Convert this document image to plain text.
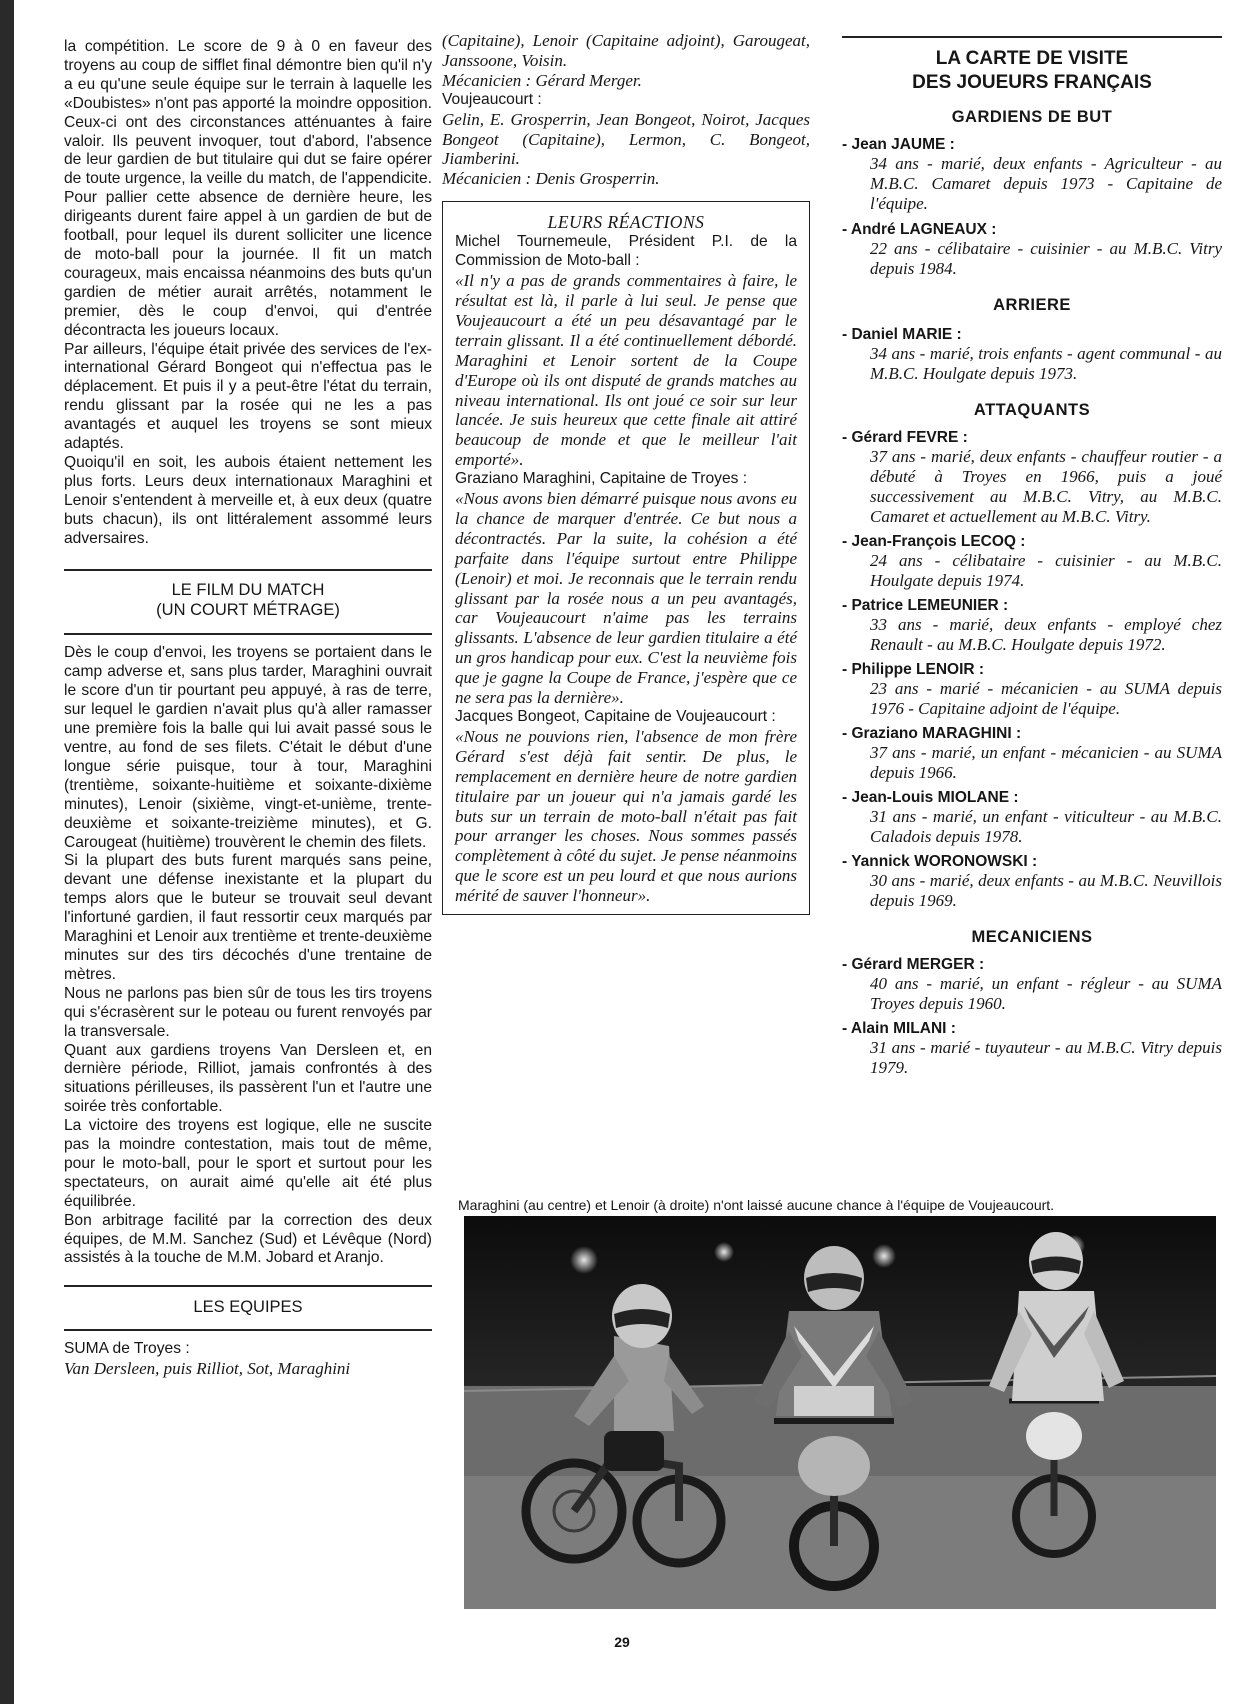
la compétition. Le score de 9 à 0 en faveur des troyens au coup de sifflet final démontre bien qu'il n'y a eu qu'une seule équipe sur le terrain à laquelle les «Doubistes» n'ont pas apporté la moindre opposition. Ceux-ci ont des circonstances atténuantes à faire valoir. Ils peuvent invoquer, tout d'abord, l'absence de leur gardien de but titulaire qui dut se faire opérer de toute urgence, la veille du match, de l'appendicite. Pour pallier cette absence de dernière heure, les dirigeants durent faire appel à un gardien de but de football, pour lequel ils durent solliciter une licence de moto-ball pour la journée. Il fit un match courageux, mais encaissa néanmoins des buts qu'un gardien de métier aurait arrêtés, notamment le premier, dès le coup d'envoi, qui d'entrée décontracta les joueurs locaux.

Par ailleurs, l'équipe était privée des services de l'ex-international Gérard Bongeot qui n'effectua pas le déplacement. Et puis il y a peut-être l'état du terrain, rendu glissant par la rosée qui ne les a pas avantagés et auquel les troyens se sont mieux adaptés.

Quoiqu'il en soit, les aubois étaient nettement les plus forts. Leurs deux internationaux Maraghini et Lenoir s'entendent à merveille et, à eux deux (quatre buts chacun), ils ont littéralement assommé leurs adversaires.

LE FILM DU MATCH
(UN COURT MÉTRAGE)

Dès le coup d'envoi, les troyens se portaient dans le camp adverse et, sans plus tarder, Maraghini ouvrait le score d'un tir pourtant peu appuyé, à ras de terre, sur lequel le gardien n'avait plus qu'à aller ramasser une première fois la balle qui lui avait passé sous le ventre, au fond de ses filets. C'était le début d'une longue série puisque, tour à tour, Maraghini (trentième, soixante-huitième et soixante-dixième minutes), Lenoir (sixième, vingt-et-unième, trente-deuxième et soixante-treizième minutes), et G. Carougeat (huitième) trouvèrent le chemin des filets.

Si la plupart des buts furent marqués sans peine, devant une défense inexistante et la plupart du temps alors que le buteur se trouvait seul devant l'infortuné gardien, il faut ressortir ceux marqués par Maraghini et Lenoir aux trentième et trente-deuxième minutes sur des tirs décochés d'une trentaine de mètres.

Nous ne parlons pas bien sûr de tous les tirs troyens qui s'écrasèrent sur le poteau ou furent renvoyés par la transversale.

Quant aux gardiens troyens Van Dersleen et, en dernière période, Rilliot, jamais confrontés à des situations périlleuses, ils passèrent l'un et l'autre une soirée très confortable.

La victoire des troyens est logique, elle ne suscite pas la moindre contestation, mais tout de même, pour le moto-ball, pour le sport et surtout pour les spectateurs, on aurait aimé qu'elle ait été plus équilibrée.

Bon arbitrage facilité par la correction des deux équipes, de M.M. Sanchez (Sud) et Lévêque (Nord) assistés à la touche de M.M. Jobard et Aranjo.

LES EQUIPES

SUMA de Troyes :

Van Dersleen, puis Rilliot, Sot, Maraghini

(Capitaine), Lenoir (Capitaine adjoint), Garougeat, Janssoone, Voisin.

Mécanicien : Gérard Merger.

Voujeaucourt :

Gelin, E. Grosperrin, Jean Bongeot, Noirot, Jacques Bongeot (Capitaine), Lermon, C. Bongeot, Jiamberini.

Mécanicien : Denis Grosperrin.

LEURS RÉACTIONS

Michel Tournemeule, Président P.I. de la Commission de Moto-ball :

«Il n'y a pas de grands commentaires à faire, le résultat est là, il parle à lui seul. Je pense que Voujeaucourt a été un peu désavantagé par le terrain glissant. Il a été continuellement débordé. Maraghini et Lenoir sortent de la Coupe d'Europe où ils ont disputé de grands matches au niveau international. Ils ont joué ce soir sur leur lancée. Je suis heureux que cette finale ait attiré beaucoup de monde et que le meilleur l'ait emporté».

Graziano Maraghini, Capitaine de Troyes :

«Nous avons bien démarré puisque nous avons eu la chance de marquer d'entrée. Ce but nous a décontractés. Par la suite, la cohésion a été parfaite dans l'équipe surtout entre Philippe (Lenoir) et moi. Je reconnais que le terrain rendu glissant par la rosée nous a un peu avantagés, car Voujeaucourt n'aime pas les terrains glissants. L'absence de leur gardien titulaire a été un gros handicap pour eux. C'est la neuvième fois que je gagne la Coupe de France, j'espère que ce ne sera pas la dernière».

Jacques Bongeot, Capitaine de Voujeaucourt :

«Nous ne pouvions rien, l'absence de mon frère Gérard s'est déjà fait sentir. De plus, le remplacement en dernière heure de notre gardien titulaire par un joueur qui n'a jamais gardé les buts sur un terrain de moto-ball n'était pas fait pour arranger les choses. Nous sommes passés complètement à côté du sujet. Je pense néanmoins que le score est un peu lourd et que nous aurions mérité de sauver l'honneur».

LA CARTE DE VISITE
DES JOUEURS FRANÇAIS
GARDIENS DE BUT
- Jean JAUME :
34 ans - marié, deux enfants - Agriculteur - au M.B.C. Camaret depuis 1973 - Capitaine de l'équipe.
- André LAGNEAUX :
22 ans - célibataire - cuisinier - au M.B.C. Vitry depuis 1984.
ARRIERE
- Daniel MARIE :
34 ans - marié, trois enfants - agent communal - au M.B.C. Houlgate depuis 1973.
ATTAQUANTS
- Gérard FEVRE :
37 ans - marié, deux enfants - chauffeur routier - a débuté à Troyes en 1966, puis a joué successivement au M.B.C. Vitry, au M.B.C. Camaret et actuellement au M.B.C. Vitry.
- Jean-François LECOQ :
24 ans - célibataire - cuisinier - au M.B.C. Houlgate depuis 1974.
- Patrice LEMEUNIER :
33 ans - marié, deux enfants - employé chez Renault - au M.B.C. Houlgate depuis 1972.
- Philippe LENOIR :
23 ans - marié - mécanicien - au SUMA depuis 1976 - Capitaine adjoint de l'équipe.
- Graziano MARAGHINI :
37 ans - marié, un enfant - mécanicien - au SUMA depuis 1966.
- Jean-Louis MIOLANE :
31 ans - marié, un enfant - viticulteur - au M.B.C. Caladois depuis 1978.
- Yannick WORONOWSKI :
30 ans - marié, deux enfants - au M.B.C. Neuvillois depuis 1969.
MECANICIENS
- Gérard MERGER :
40 ans - marié, un enfant - régleur - au SUMA Troyes depuis 1960.
- Alain MILANI :
31 ans - marié - tuyauteur - au M.B.C. Vitry depuis 1979.
Maraghini (au centre) et Lenoir (à droite) n'ont laissé aucune chance à l'équipe de Voujeaucourt.
29
